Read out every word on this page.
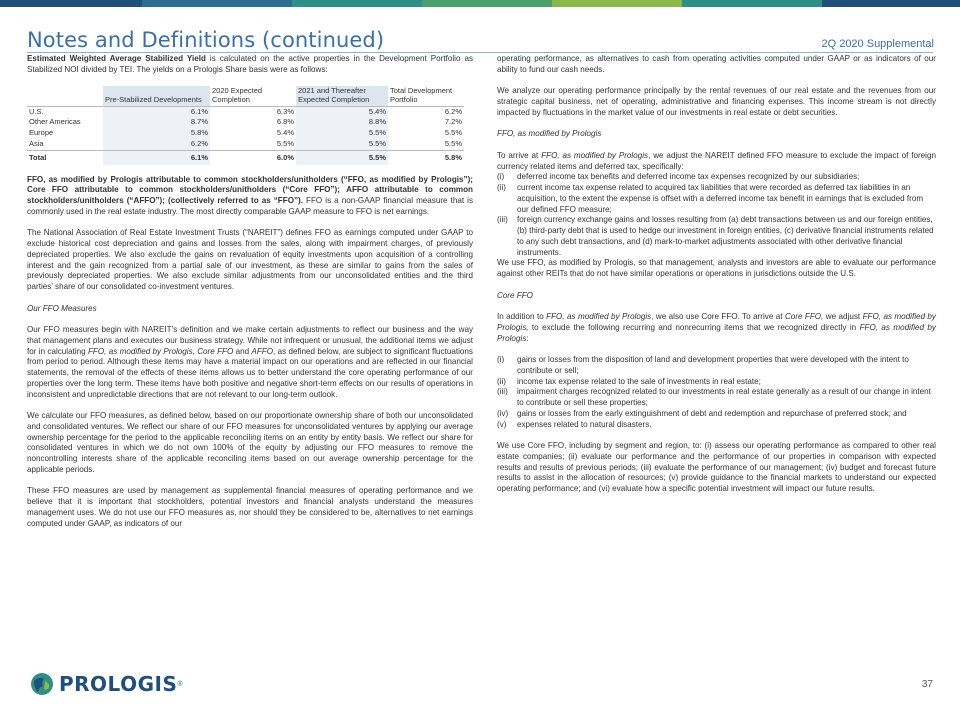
Notes and Definitions (continued)	2Q 2020 Supplemental

Estimated Weighted Average Stabilized Yield is calculated on the active properties in the Development Portfolio as Stabilized NOI divided by TEI. The yields on a Prologis Share basis were as follows:

	Pre-Stabilized Developments	2020 Expected Completion	2021 and Thereafter Expected Completion	Total Development Portfolio
U.S.	6.1%	6.3%	5.4%	6.2%
Other Americas	8.7%	6.8%	8.8%	7.2%
Europe	5.8%	5.4%	5.5%	5.5%
Asia	6.2%	5.5%	5.5%	5.5%
Total	6.1%	6.0%	5.5%	5.8%

FFO, as modified by Prologis attributable to common stockholders/unitholders (“FFO, as modified by Prologis”); Core FFO attributable to common stockholders/unitholders (“Core FFO”); AFFO attributable to common stockholders/unitholders (“AFFO”); (collectively referred to as “FFO”). FFO is a non-GAAP financial measure that is commonly used in the real estate industry. The most directly comparable GAAP measure to FFO is net earnings.

The National Association of Real Estate Investment Trusts (“NAREIT”) defines FFO as earnings computed under GAAP to exclude historical cost depreciation and gains and losses from the sales, along with impairment charges, of previously depreciated properties. We also exclude the gains on revaluation of equity investments upon acquisition of a controlling interest and the gain recognized from a partial sale of our investment, as these are similar to gains from the sales of previously depreciated properties. We also exclude similar adjustments from our unconsolidated entities and the third parties’ share of our consolidated co-investment ventures.

Our FFO Measures

Our FFO measures begin with NAREIT’s definition and we make certain adjustments to reflect our business and the way that management plans and executes our business strategy. While not infrequent or unusual, the additional items we adjust for in calculating FFO, as modified by Prologis, Core FFO and AFFO, as defined below, are subject to significant fluctuations from period to period. Although these items may have a material impact on our operations and are reflected in our financial statements, the removal of the effects of these items allows us to better understand the core operating performance of our properties over the long term. These items have both positive and negative short-term effects on our results of operations in inconsistent and unpredictable directions that are not relevant to our long-term outlook.

We calculate our FFO measures, as defined below, based on our proportionate ownership share of both our unconsolidated and consolidated ventures. We reflect our share of our FFO measures for unconsolidated ventures by applying our average ownership percentage for the period to the applicable reconciling items on an entity by entity basis. We reflect our share for consolidated ventures in which we do not own 100% of the equity by adjusting our FFO measures to remove the noncontrolling interests share of the applicable reconciling items based on our average ownership percentage for the applicable periods.

These FFO measures are used by management as supplemental financial measures of operating performance and we believe that it is important that stockholders, potential investors and financial analysts understand the measures management uses. We do not use our FFO measures as, nor should they be considered to be, alternatives to net earnings computed under GAAP, as indicators of our

operating performance, as alternatives to cash from operating activities computed under GAAP or as indicators of our ability to fund our cash needs.

We analyze our operating performance principally by the rental revenues of our real estate and the revenues from our strategic capital business, net of operating, administrative and financing expenses. This income stream is not directly impacted by fluctuations in the market value of our investments in real estate or debt securities.

FFO, as modified by Prologis

To arrive at FFO, as modified by Prologis, we adjust the NAREIT defined FFO measure to exclude the impact of foreign currency related items and deferred tax, specifically:

(i) deferred income tax benefits and deferred income tax expenses recognized by our subsidiaries;
(ii) current income tax expense related to acquired tax liabilities that were recorded as deferred tax liabilities in an acquisition, to the extent the expense is offset with a deferred income tax benefit in earnings that is excluded from our defined FFO measure;
(iii) foreign currency exchange gains and losses resulting from (a) debt transactions between us and our foreign entities, (b) third-party debt that is used to hedge our investment in foreign entities, (c) derivative financial instruments related to any such debt transactions, and (d) mark-to-market adjustments associated with other derivative financial instruments.

We use FFO, as modified by Prologis, so that management, analysts and investors are able to evaluate our performance against other REITs that do not have similar operations or operations in jurisdictions outside the U.S.

Core FFO

In addition to FFO, as modified by Prologis, we also use Core FFO. To arrive at Core FFO, we adjust FFO, as modified by Prologis, to exclude the following recurring and nonrecurring items that we recognized directly in FFO, as modified by Prologis:

(i) gains or losses from the disposition of land and development properties that were developed with the intent to contribute or sell;
(ii) income tax expense related to the sale of investments in real estate;
(iii) impairment charges recognized related to our investments in real estate generally as a result of our change in intent to contribute or sell these properties;
(iv) gains or losses from the early extinguishment of debt and redemption and repurchase of preferred stock; and
(v) expenses related to natural disasters.

We use Core FFO, including by segment and region, to: (i) assess our operating performance as compared to other real estate companies; (ii) evaluate our performance and the performance of our properties in comparison with expected results and results of previous periods; (iii) evaluate the performance of our management; (iv) budget and forecast future results to assist in the allocation of resources; (v) provide guidance to the financial markets to understand our expected operating performance; and (vi) evaluate how a specific potential investment will impact our future results.

PROLOGIS ®	37
